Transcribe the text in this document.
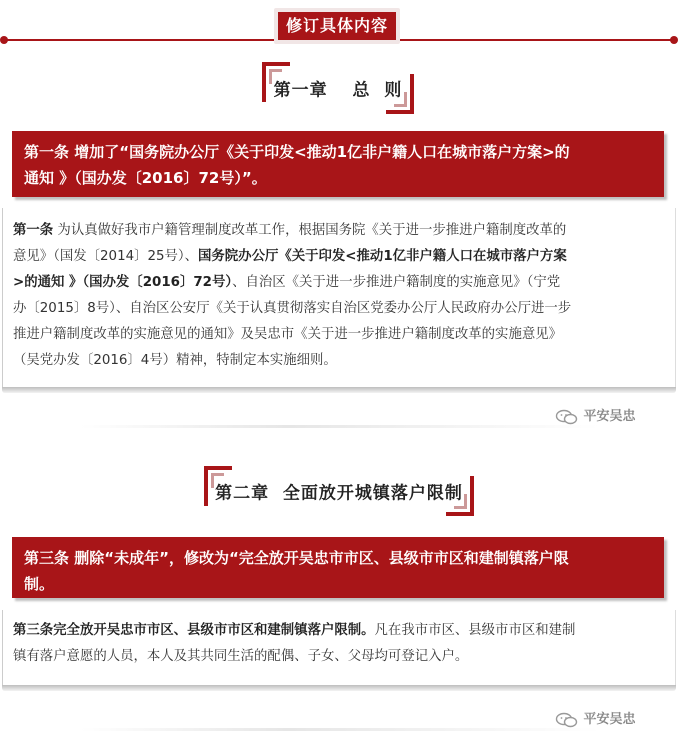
修订具体内容
第一章　 总  则
第一条 增加了“国务院办公厅《关于印发<推动1亿非户籍人口在城市落户方案>的
通知 》（国办发〔2016〕72号）”。
第一条 为认真做好我市户籍管理制度改革工作，根据国务院《关于进一步推进户籍制度改革的
意见》（国发〔2014〕25号）、国务院办公厅《关于印发<推动1亿非户籍人口在城市落户方案
>的通知 》（国办发〔2016〕72号）、自治区《关于进一步推进户籍制度的实施意见》（宁党
办〔2015〕8号）、自治区公安厅《关于认真贯彻落实自治区党委办公厅人民政府办公厅进一步
推进户籍制度改革的实施意见的通知》及吴忠市《关于进一步推进户籍制度改革的实施意见》
（吴党办发〔2016〕4号）精神，特制定本实施细则。
平安吴忠
第二章  全面放开城镇落户限制
第三条 删除“未成年”，修改为“完全放开吴忠市市区、县级市市区和建制镇落户限
制。
第三条完全放开吴忠市市区、县级市市区和建制镇落户限制。凡在我市市区、县级市市区和建制
镇有落户意愿的人员，本人及其共同生活的配偶、子女、父母均可登记入户。
平安吴忠
